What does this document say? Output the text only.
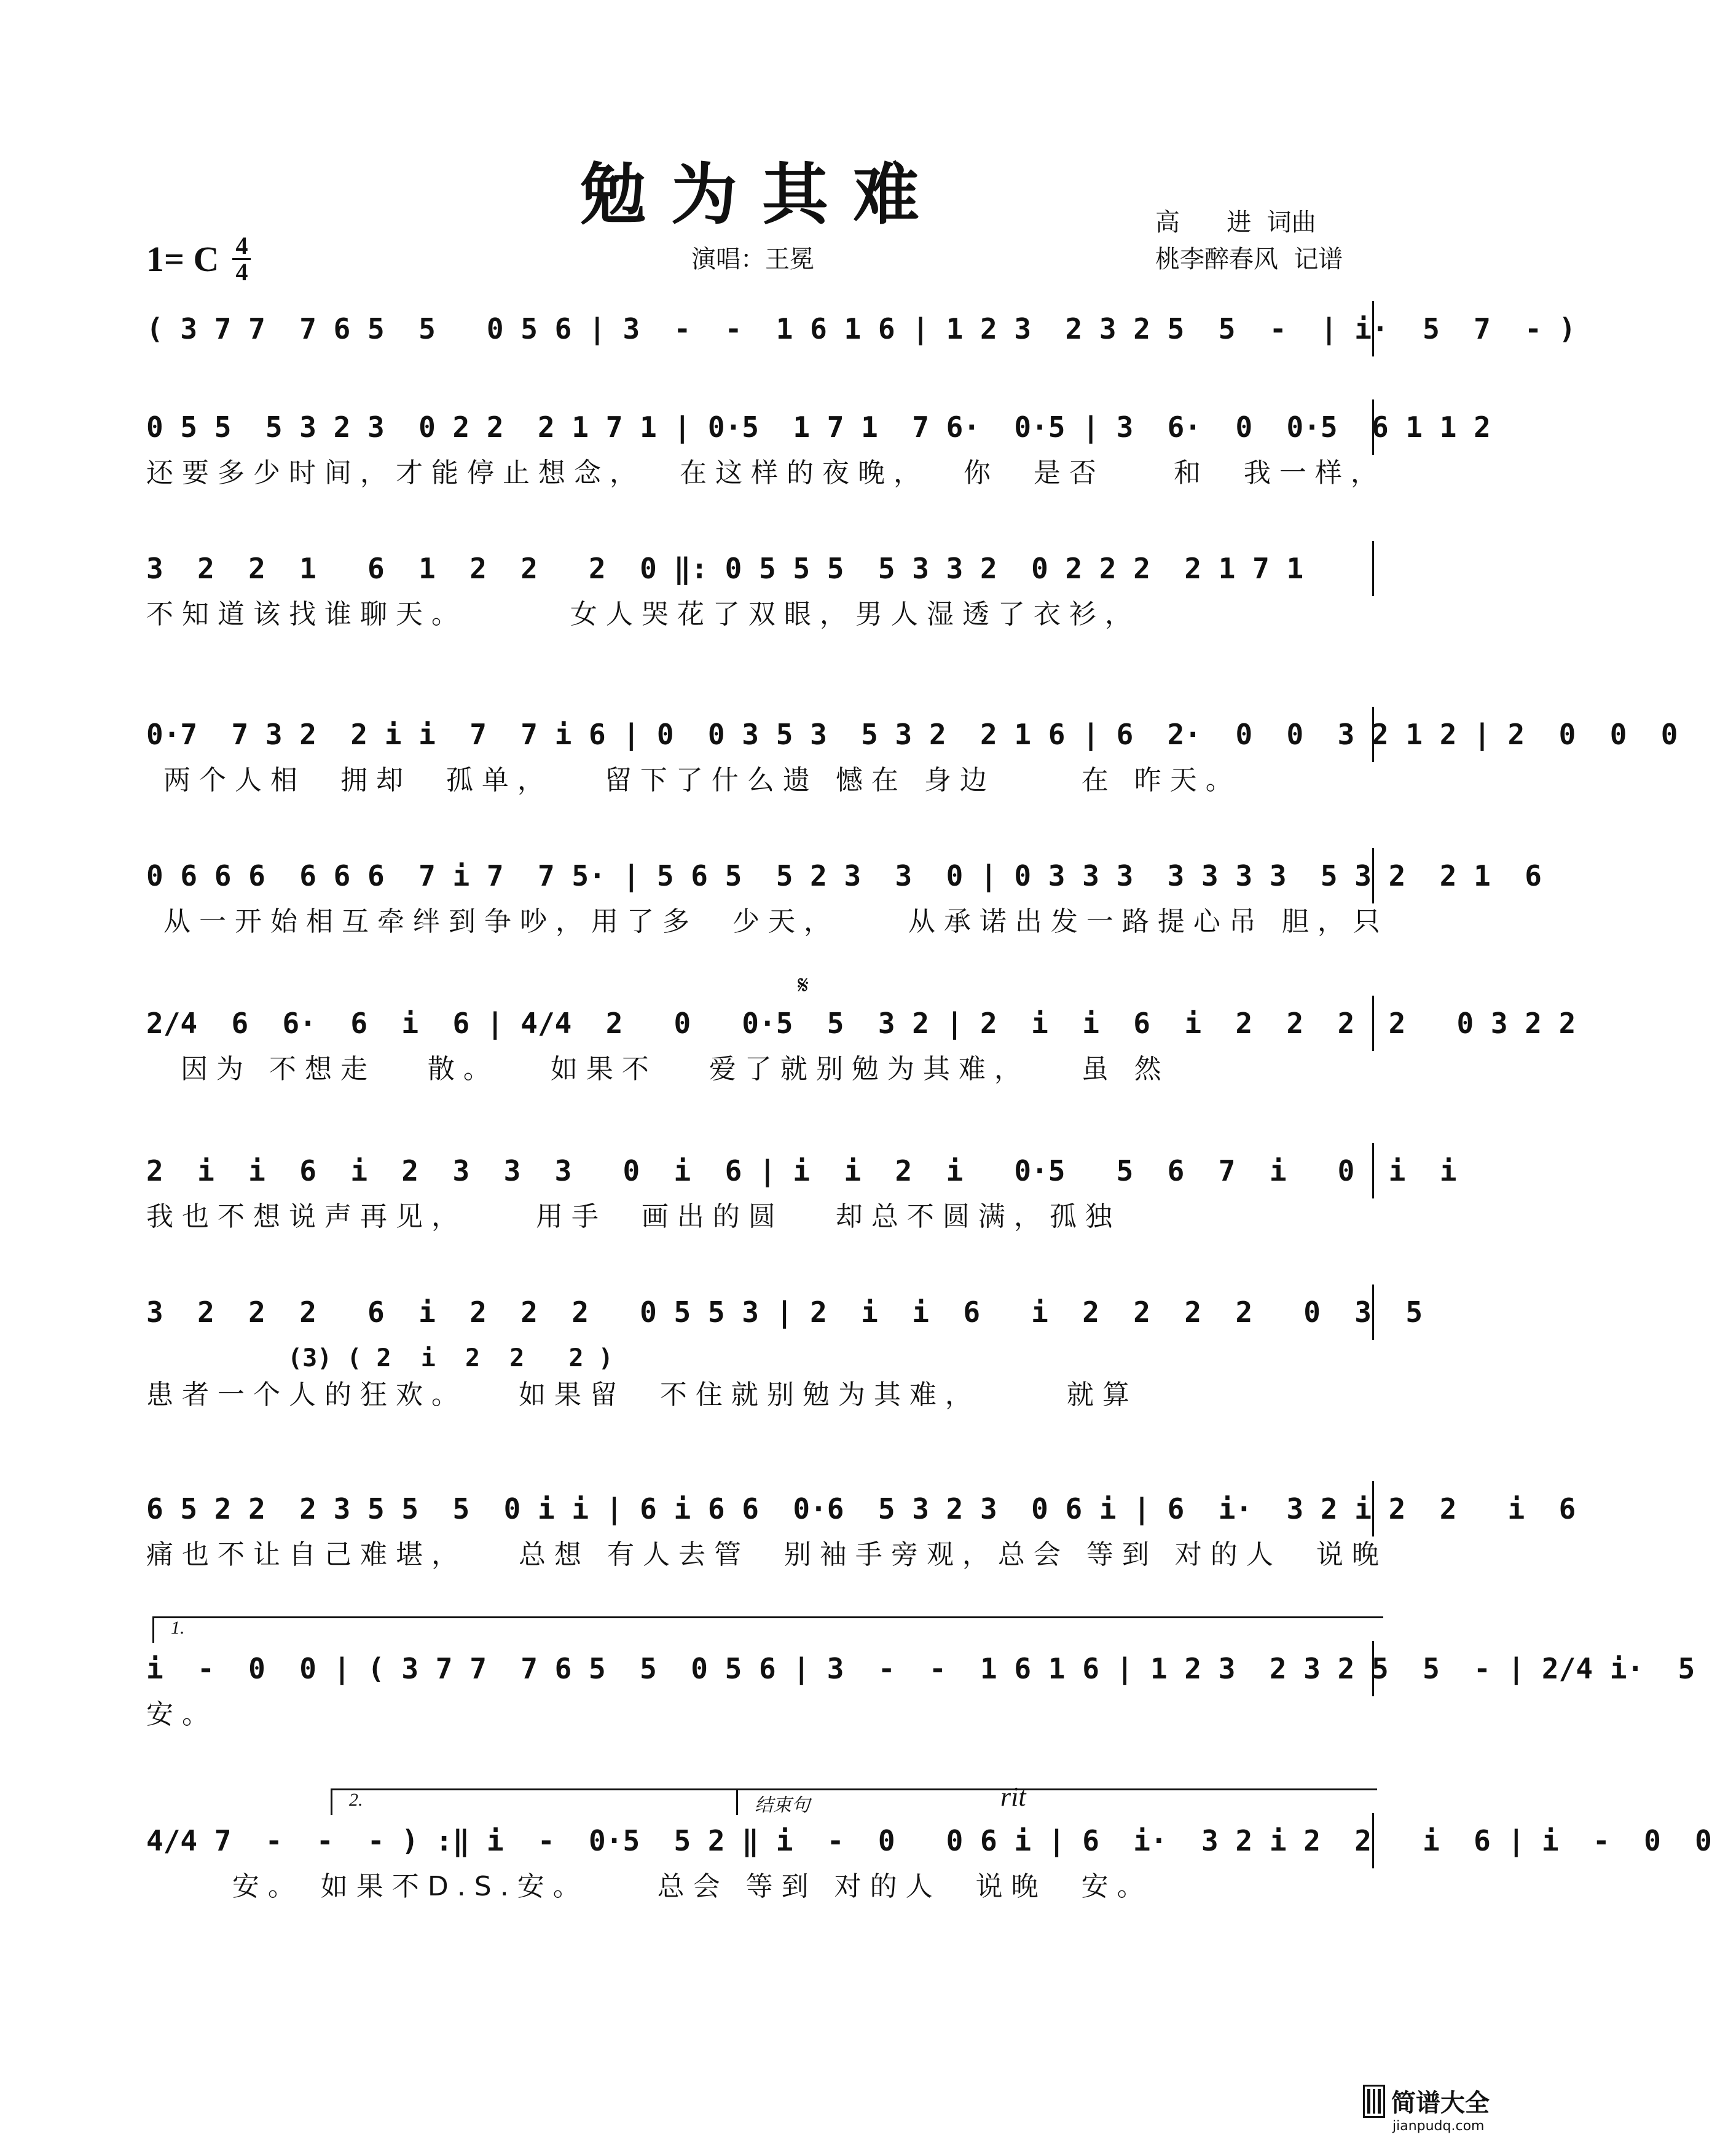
勉为其难
1= C 4
4	演唱：王冕
高      进  词曲
桃李醉春风  记谱
( 3 7 7  7 6 5  5   0 5 6 | 3  -  -  1 6 1 6 | 1 2 3  2 3 2 5  5  -  | i·  5  7  - )
0 5 5  5 3 2 3  0 2 2  2 1 7 1 | 0·5  1 7 1  7 6·  0·5 | 3  6·  0  0·5  6 1 1 2
还要多少时间，才能停止想念，  在这样的夜晚，  你  是否    和  我一样，
3  2  2  1   6  1  2  2   2  0 ‖: 0 5 5 5  5 3 3 2  0 2 2 2  2 1 7 1
不知道该找谁聊天。      女人哭花了双眼，男人湿透了衣衫，
0·7  7 3 2  2 i i  7  7 i 6 | 0  0 3 5 3  5 3 2  2 1 6 | 6  2·  0  0  3 2 1 2 | 2  0  0  0
两个人相  拥却  孤单，   留下了什么遗 憾在 身边     在 昨天。
0 6 6 6  6 6 6  7 i 7  7 5· | 5 6 5  5 2 3  3  0 | 0 3 3 3  3 3 3 3  5 3 2  2 1  6
从一开始相互牵绊到争吵，用了多  少天，    从承诺出发一路提心吊 胆，只
𝄋
2/4  6  6·  6  i  6 | 4/4  2   0   0·5  5  3 2 | 2  i  i  6  i  2  2  2  2   0 3 2 2
因为 不想走   散。   如果不   爱了就别勉为其难，   虽 然
2  i  i  6  i  2  3  3  3   0  i  6 | i  i  2  i   0·5   5  6  7  i   0  i  i
我也不想说声再见，    用手  画出的圆   却总不圆满，孤独
3  2  2  2   6  i  2  2  2   0 5 5 3 | 2  i  i  6   i  2  2  2  2   0  3  5
(3) ( 2  i  2  2   2 )
患者一个人的狂欢。   如果留  不住就别勉为其难，     就算
6 5 2 2  2 3 5 5  5  0 i i | 6 i 6 6  0·6  5 3 2 3  0 6 i | 6  i·  3 2 i 2  2   i  6
痛也不让自己难堪，   总想 有人去管  别袖手旁观，总会 等到 对的人  说晚
1.
i  -  0  0 | ( 3 7 7  7 6 5  5  0 5 6 | 3  -  -  1 6 1 6 | 1 2 3  2 3 2 5  5  - | 2/4 i·  5
安。
2.	结束句	rit
4/4 7  -  -  - ) :‖ i  -  0·5  5 2 ‖ i  -  0   0 6 i | 6  i·  3 2 i 2  2   i  6 | i  -  0  0
安。 如果不D.S.安。    总会 等到 对的人  说晚  安。
简谱大全
jianpudq.com
